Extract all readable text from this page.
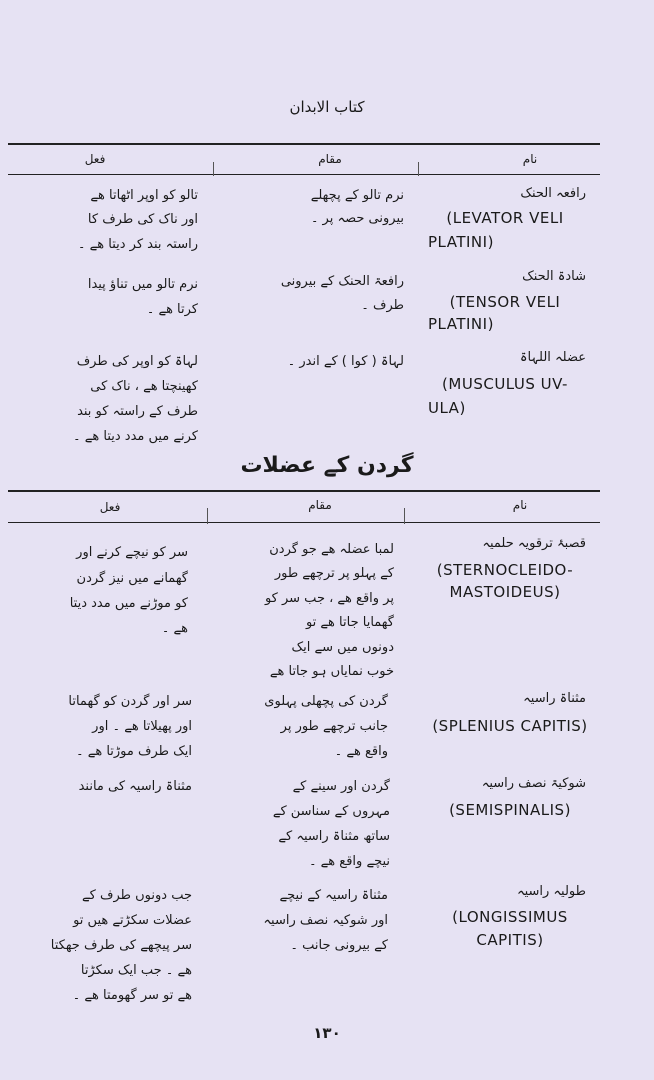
کتاب الابدان
نام
مقام
فعل
رافعہ الحنک
(LEVATOR VELI
PLATINI)
نرم تالو کے پچھلے
بیرونی حصہ پر ۔
تالو کو اوپر اٹھاتا ھے
اور ناک کی طرف کا
راستہ بند کر دیتا ھے ۔
شادۃ الحنک
(TENSOR VELI
PLATINI)
رافعۃ الحنک کے بیرونی
طرف ۔
نرم تالو میں تناؤ پیدا
کرتا ھے ۔
عضلہ اللہاۃ
(MUSCULUS UV-
ULA)
لہاۃ ( کوا ) کے اندر ۔
لہاۃ کو اوپر کی طرف
کھینچتا ھے ، ناک کی
طرف کے راستہ کو بند
کرنے میں مدد دیتا ھے ۔
گردن کے عضلات
نام
مقام
فعل
قصبۂ ترقویہ حلمیہ
(STERNOCLEIDO-
MASTOIDEUS)
لمبا عضلہ ھے جو گردن
کے پہلو پر ترچھے طور
پر واقع ھے ، جب سر کو
گھمایا جاتا ھے تو
دونوں میں سے ایک
خوب نمایاں ہو جاتا ھے
سر کو نیچے کرنے اور
گھمانے میں نیز گردن
کو موڑنے میں مدد دیتا
ھے ۔
مثناۃ راسیہ
(SPLENIUS CAPITIS)
گردن کی پچھلی پہلوی
جانب ترچھے طور پر
واقع ھے ۔
سر اور گردن کو گھماتا
اور پھیلاتا ھے ۔ اور
ایک طرف موڑتا ھے ۔
شوکیۃ نصف راسیہ
(SEMISPINALIS)
گردن اور سینے کے
مہروں کے سناسن کے
ساتھ مثناۃ راسیہ کے
نیچے واقع ھے ۔
مثناۃ راسیہ کی مانند
طولیہ راسیہ
(LONGISSIMUS
CAPITIS)
مثناۃ راسیہ کے نیچے
اور شوکیہ نصف راسیہ
کے بیرونی جانب ۔
جب دونوں طرف کے
عضلات سکڑتے ھیں تو
سر پیچھے کی طرف جھکتا
ھے ۔ جب ایک سکڑتا
ھے تو سر گھومتا ھے ۔
١٣٠
